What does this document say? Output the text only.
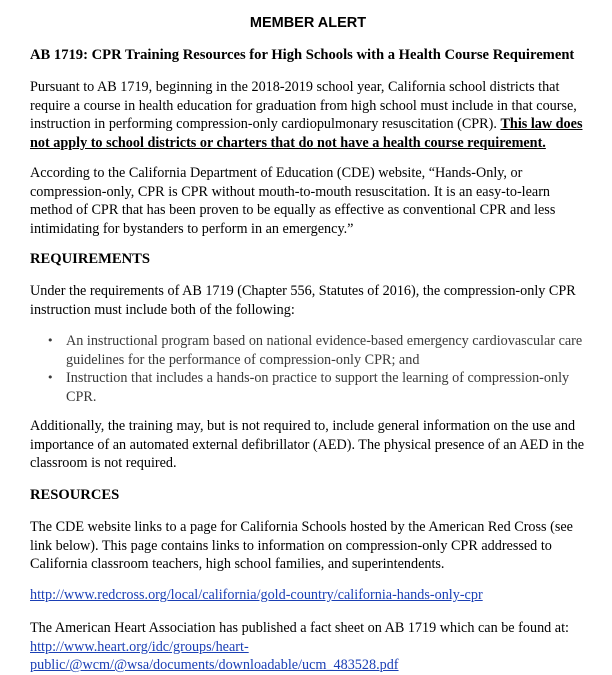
MEMBER ALERT
AB 1719: CPR Training Resources for High Schools with a Health Course Requirement
Pursuant to AB 1719, beginning in the 2018-2019 school year, California school districts that
require a course in health education for graduation from high school must include in that course,
instruction in performing compression-only cardiopulmonary resuscitation (CPR). This law does
not apply to school districts or charters that do not have a health course requirement.
According to the California Department of Education (CDE) website, “Hands-Only, or
compression-only, CPR is CPR without mouth-to-mouth resuscitation. It is an easy-to-learn
method of CPR that has been proven to be equally as effective as conventional CPR and less
intimidating for bystanders to perform in an emergency.”
REQUIREMENTS
Under the requirements of AB 1719 (Chapter 556, Statutes of 2016), the compression-only CPR
instruction must include both of the following:
• An instructional program based on national evidence-based emergency cardiovascular care
guidelines for the performance of compression-only CPR; and
• Instruction that includes a hands-on practice to support the learning of compression-only
CPR.
Additionally, the training may, but is not required to, include general information on the use and
importance of an automated external defibrillator (AED). The physical presence of an AED in the
classroom is not required.
RESOURCES
The CDE website links to a page for California Schools hosted by the American Red Cross (see
link below). This page contains links to information on compression-only CPR addressed to
California classroom teachers, high school families, and superintendents.
http://www.redcross.org/local/california/gold-country/california-hands-only-cpr
The American Heart Association has published a fact sheet on AB 1719 which can be found at:
http://www.heart.org/idc/groups/heart-
public/@wcm/@wsa/documents/downloadable/ucm_483528.pdf
